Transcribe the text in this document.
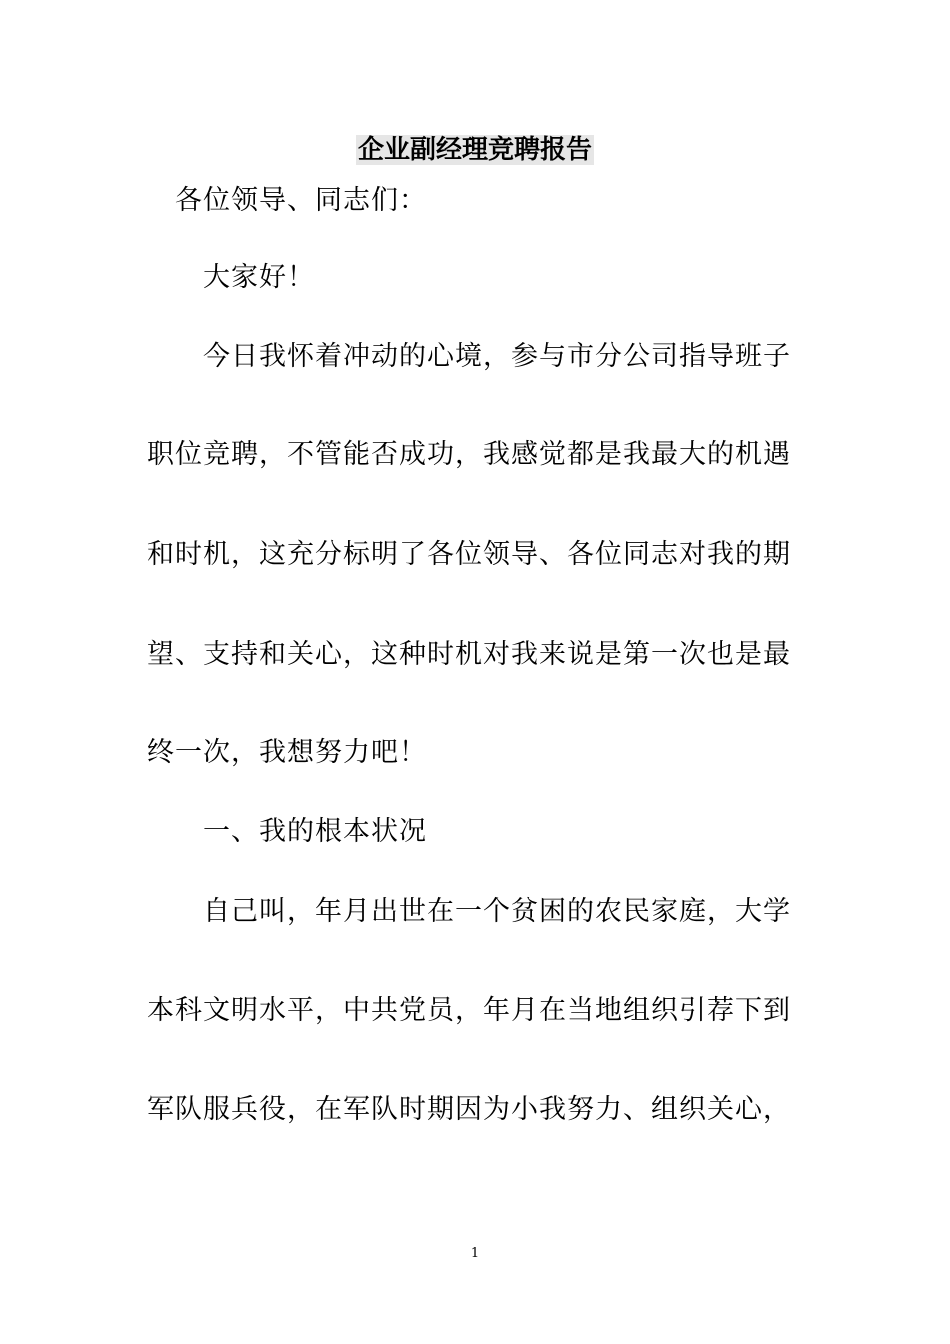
企业副经理竞聘报告
各位领导、同志们：
大家好！
今日我怀着冲动的心境，参与市分公司指导班子
职位竞聘，不管能否成功，我感觉都是我最大的机遇
和时机，这充分标明了各位领导、各位同志对我的期
望、支持和关心，这种时机对我来说是第一次也是最
终一次，我想努力吧！
一、我的根本状况
自己叫，年月出世在一个贫困的农民家庭，大学
本科文明水平，中共党员，年月在当地组织引荐下到
军队服兵役，在军队时期因为小我努力、组织关心，
1
